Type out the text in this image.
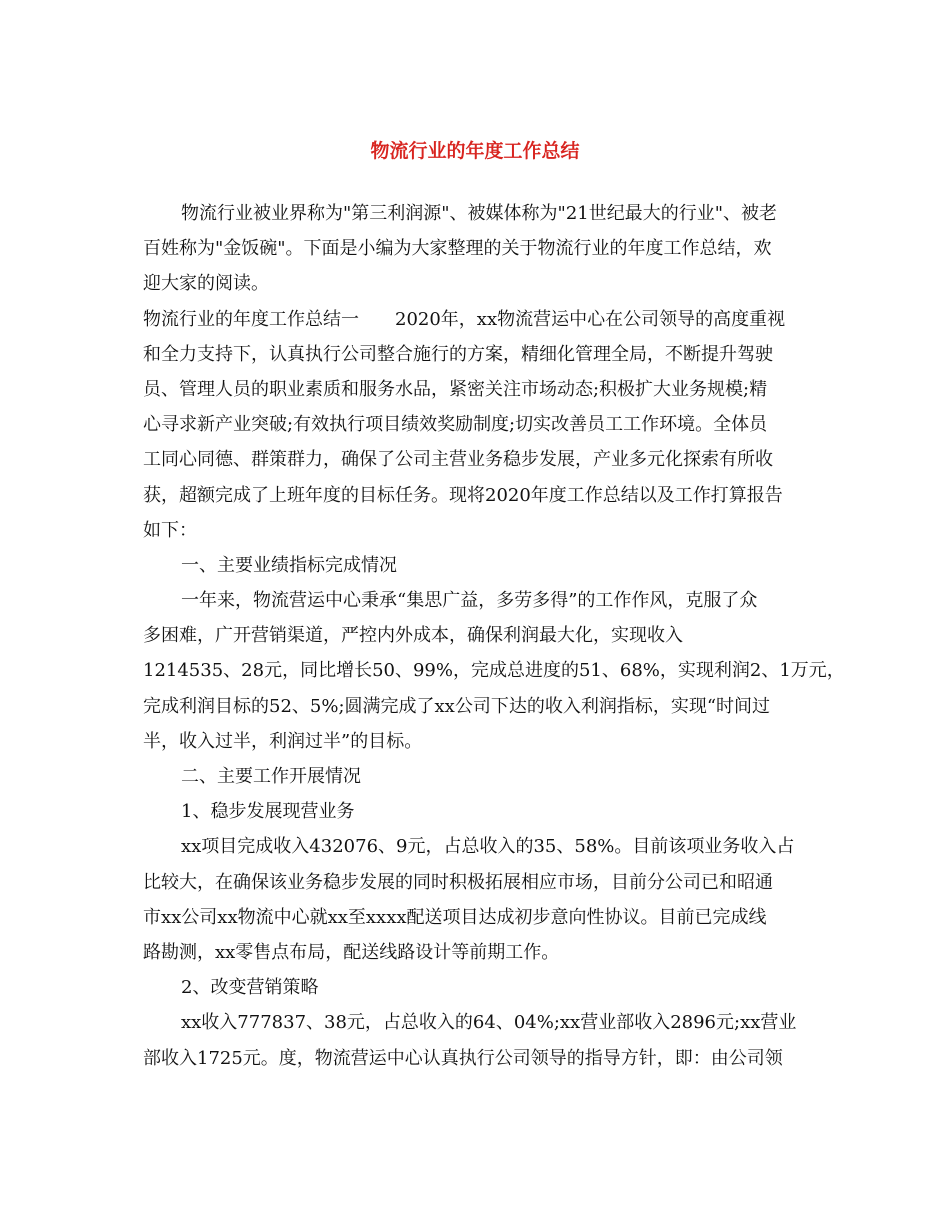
物流行业的年度工作总结
物流行业被业界称为"第三利润源"、被媒体称为"21世纪最大的行业"、被老
百姓称为"金饭碗"。下面是小编为大家整理的关于物流行业的年度工作总结，欢
迎大家的阅读。
物流行业的年度工作总结一　　2020年，xx物流营运中心在公司领导的高度重视
和全力支持下，认真执行公司整合施行的方案，精细化管理全局，不断提升驾驶
员、管理人员的职业素质和服务水品，紧密关注市场动态;积极扩大业务规模;精
心寻求新产业突破;有效执行项目绩效奖励制度;切实改善员工工作环境。全体员
工同心同德、群策群力，确保了公司主营业务稳步发展，产业多元化探索有所收
获，超额完成了上班年度的目标任务。现将2020年度工作总结以及工作打算报告
如下：
一、主要业绩指标完成情况
一年来，物流营运中心秉承“集思广益，多劳多得”的工作作风，克服了众
多困难，广开营销渠道，严控内外成本，确保利润最大化，实现收入
1214535、28元，同比增长50、99%，完成总进度的51、68%，实现利润2、1万元，
完成利润目标的52、5%;圆满完成了xx公司下达的收入利润指标，实现“时间过
半，收入过半，利润过半”的目标。
二、主要工作开展情况
1、稳步发展现营业务
xx项目完成收入432076、9元，占总收入的35、58%。目前该项业务收入占
比较大，在确保该业务稳步发展的同时积极拓展相应市场，目前分公司已和昭通
市xx公司xx物流中心就xx至xxxx配送项目达成初步意向性协议。目前已完成线
路勘测，xx零售点布局，配送线路设计等前期工作。
2、改变营销策略
xx收入777837、38元，占总收入的64、04%;xx营业部收入2896元;xx营业
部收入1725元。度，物流营运中心认真执行公司领导的指导方针，即：由公司领
